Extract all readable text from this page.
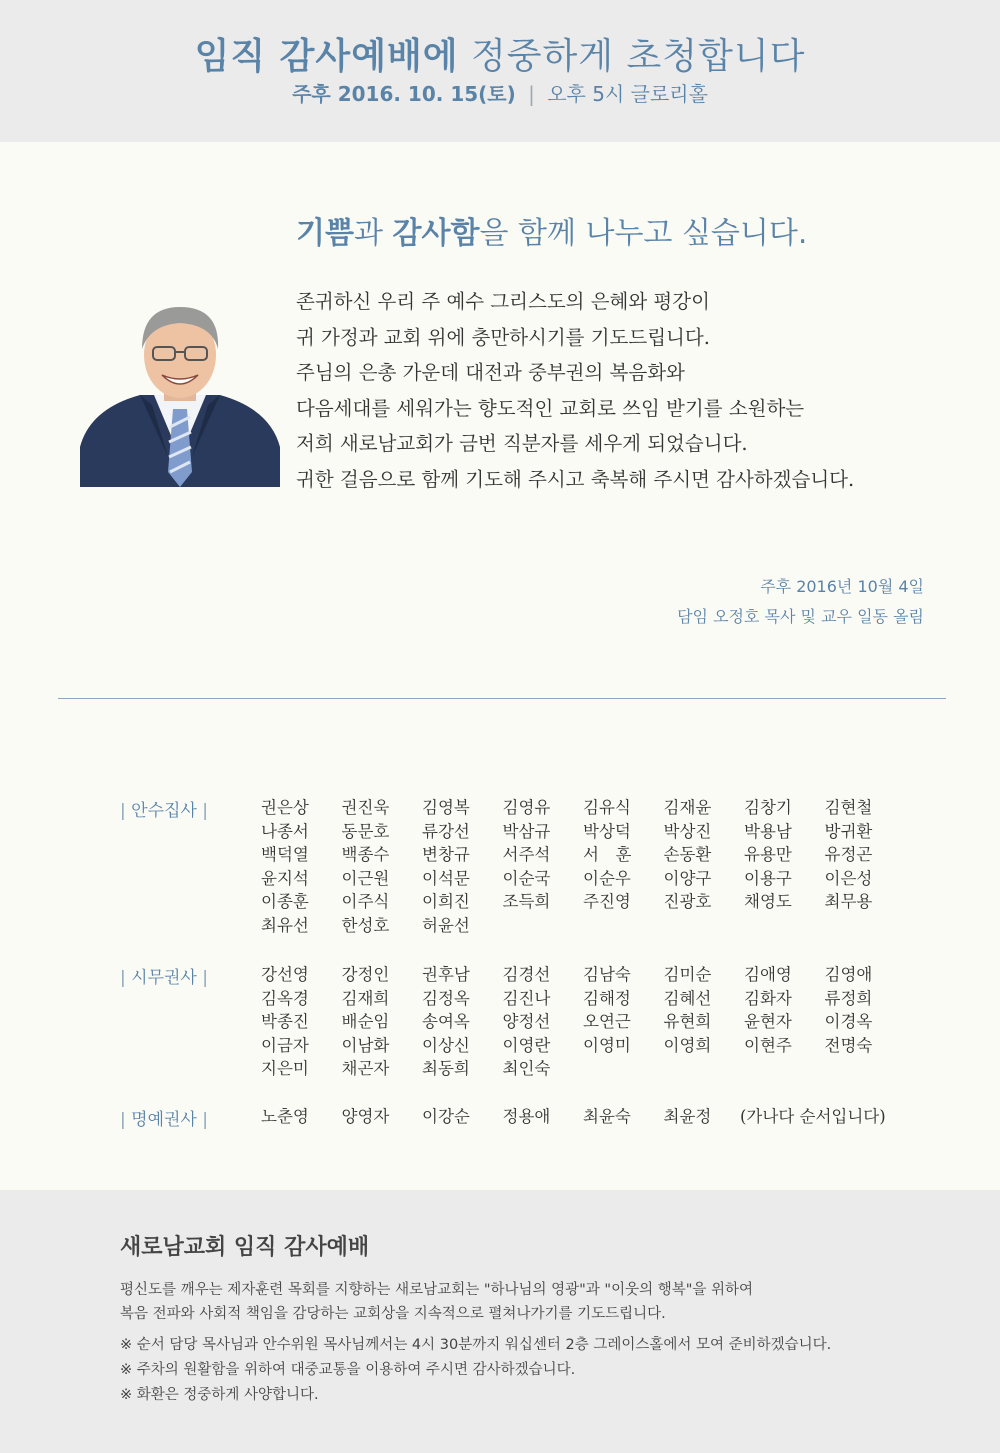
임직 감사예배에 정중하게 초청합니다
주후 2016. 10. 15(토) | 오후 5시 글로리홀
기쁨과 감사함을 함께 나누고 싶습니다.
존귀하신 우리 주 예수 그리스도의 은혜와 평강이
귀 가정과 교회 위에 충만하시기를 기도드립니다.
주님의 은총 가운데 대전과 중부권의 복음화와
다음세대를 세워가는 향도적인 교회로 쓰임 받기를 소원하는
저희 새로남교회가 금번 직분자를 세우게 되었습니다.
귀한 걸음으로 함께 기도해 주시고 축복해 주시면 감사하겠습니다.
주후 2016년 10월 4일
담임 오정호 목사 및 교우 일동 올림
| 안수집사 |	권은상	권진욱	김영복	김영유	김유식	김재윤	김창기	김현철
나종서	동문호	류강선	박삼규	박상덕	박상진	박용남	방귀환
백덕열	백종수	변창규	서주석	서　훈	손동환	유용만	유정곤
윤지석	이근원	이석문	이순국	이순우	이양구	이용구	이은성
이종훈	이주식	이희진	조득희	주진영	진광호	채영도	최무용
최유선	한성호	허윤선
| 시무권사 |	강선영	강정인	권후남	김경선	김남숙	김미순	김애영	김영애
김옥경	김재희	김정옥	김진나	김해정	김혜선	김화자	류정희
박종진	배순임	송여옥	양정선	오연근	유현희	윤현자	이경옥
이금자	이남화	이상신	이영란	이영미	이영희	이현주	전명숙
지은미	채곤자	최동희	최인숙
| 명예권사 |	노춘영	양영자	이강순	정용애	최윤숙	최윤정	(가나다 순서입니다)
새로남교회 임직 감사예배
평신도를 깨우는 제자훈련 목회를 지향하는 새로남교회는 "하나님의 영광"과 "이웃의 행복"을 위하여
복음 전파와 사회적 책임을 감당하는 교회상을 지속적으로 펼쳐나가기를 기도드립니다.
※ 순서 담당 목사님과 안수위원 목사님께서는 4시 30분까지 워십센터 2층 그레이스홀에서 모여 준비하겠습니다.
※ 주차의 원활함을 위하여 대중교통을 이용하여 주시면 감사하겠습니다.
※ 화환은 정중하게 사양합니다.
